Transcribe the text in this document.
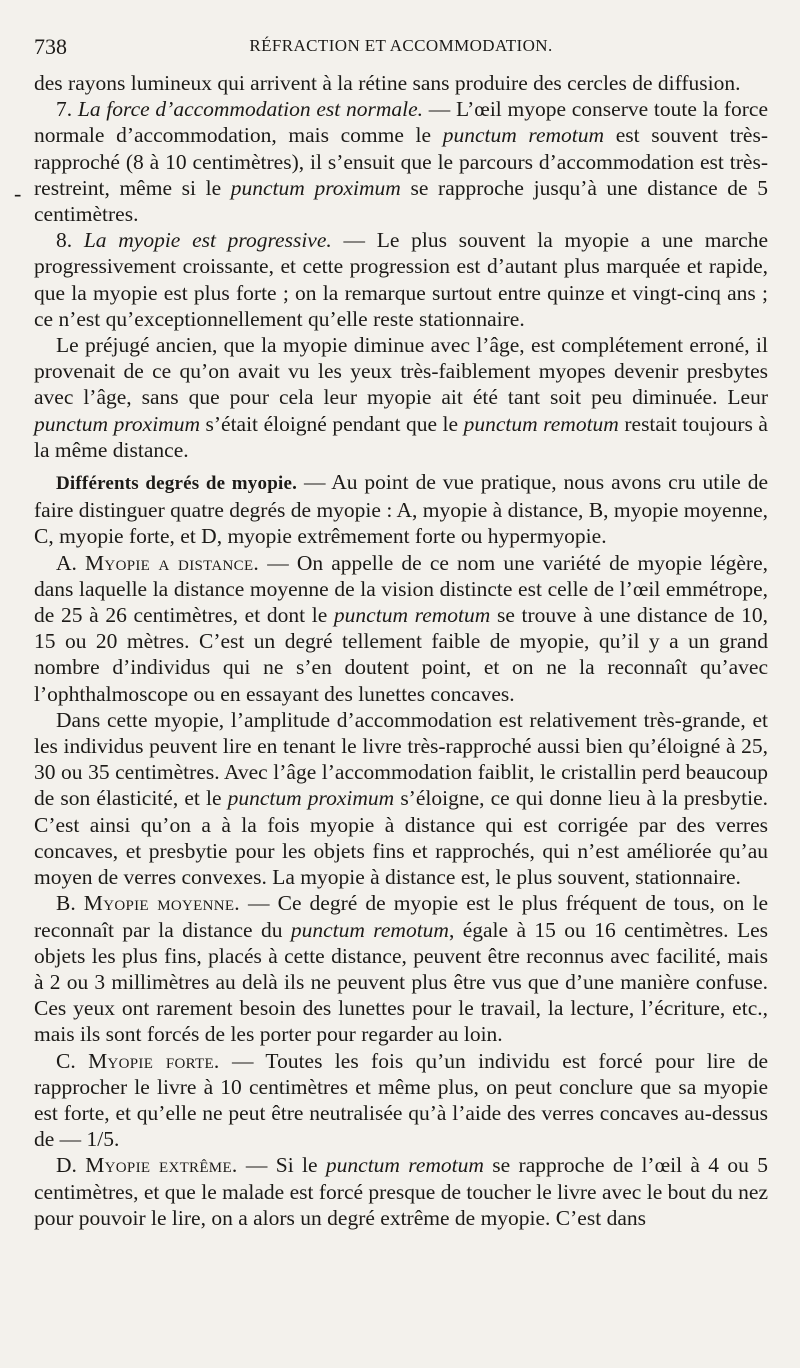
738	RÉFRACTION ET ACCOMMODATION.
-

des rayons lumineux qui arrivent à la rétine sans produire des cercles de diffusion.

7. La force d’accommodation est normale. — L’œil myope conserve toute la force normale d’accommodation, mais comme le punctum remotum est souvent très-rapproché (8 à 10 centimètres), il s’ensuit que le parcours d’accommodation est très-restreint, même si le punctum proximum se rapproche jusqu’à une distance de 5 centimètres.

8. La myopie est progressive. — Le plus souvent la myopie a une marche progressivement croissante, et cette progression est d’autant plus marquée et rapide, que la myopie est plus forte ; on la remarque surtout entre quinze et vingt-cinq ans ; ce n’est qu’exceptionnellement qu’elle reste stationnaire.

Le préjugé ancien, que la myopie diminue avec l’âge, est complétement erroné, il provenait de ce qu’on avait vu les yeux très-faiblement myopes devenir presbytes avec l’âge, sans que pour cela leur myopie ait été tant soit peu diminuée. Leur punctum proximum s’était éloigné pendant que le punctum remotum restait toujours à la même distance.

Différents degrés de myopie. — Au point de vue pratique, nous avons cru utile de faire distinguer quatre degrés de myopie : A, myopie à distance, B, myopie moyenne, C, myopie forte, et D, myopie extrêmement forte ou hypermyopie.

A. Myopie a distance. — On appelle de ce nom une variété de myopie légère, dans laquelle la distance moyenne de la vision distincte est celle de l’œil emmétrope, de 25 à 26 centimètres, et dont le punctum remotum se trouve à une distance de 10, 15 ou 20 mètres. C’est un degré tellement faible de myopie, qu’il y a un grand nombre d’individus qui ne s’en doutent point, et on ne la reconnaît qu’avec l’ophthalmoscope ou en essayant des lunettes concaves.

Dans cette myopie, l’amplitude d’accommodation est relativement très-grande, et les individus peuvent lire en tenant le livre très-rapproché aussi bien qu’éloigné à 25, 30 ou 35 centimètres. Avec l’âge l’accommodation faiblit, le cristallin perd beaucoup de son élasticité, et le punctum proximum s’éloigne, ce qui donne lieu à la presbytie. C’est ainsi qu’on a à la fois myopie à distance qui est corrigée par des verres concaves, et presbytie pour les objets fins et rapprochés, qui n’est améliorée qu’au moyen de verres convexes. La myopie à distance est, le plus souvent, stationnaire.

B. Myopie moyenne. — Ce degré de myopie est le plus fréquent de tous, on le reconnaît par la distance du punctum remotum, égale à 15 ou 16 centimètres. Les objets les plus fins, placés à cette distance, peuvent être reconnus avec facilité, mais à 2 ou 3 millimètres au delà ils ne peuvent plus être vus que d’une manière confuse. Ces yeux ont rarement besoin des lunettes pour le travail, la lecture, l’écriture, etc., mais ils sont forcés de les porter pour regarder au loin.

C. Myopie forte. — Toutes les fois qu’un individu est forcé pour lire de rapprocher le livre à 10 centimètres et même plus, on peut conclure que sa myopie est forte, et qu’elle ne peut être neutralisée qu’à l’aide des verres concaves au-dessus de — 1/5.

D. Myopie extrême. — Si le punctum remotum se rapproche de l’œil à 4 ou 5 centimètres, et que le malade est forcé presque de toucher le livre avec le bout du nez pour pouvoir le lire, on a alors un degré extrême de myopie. C’est dans
